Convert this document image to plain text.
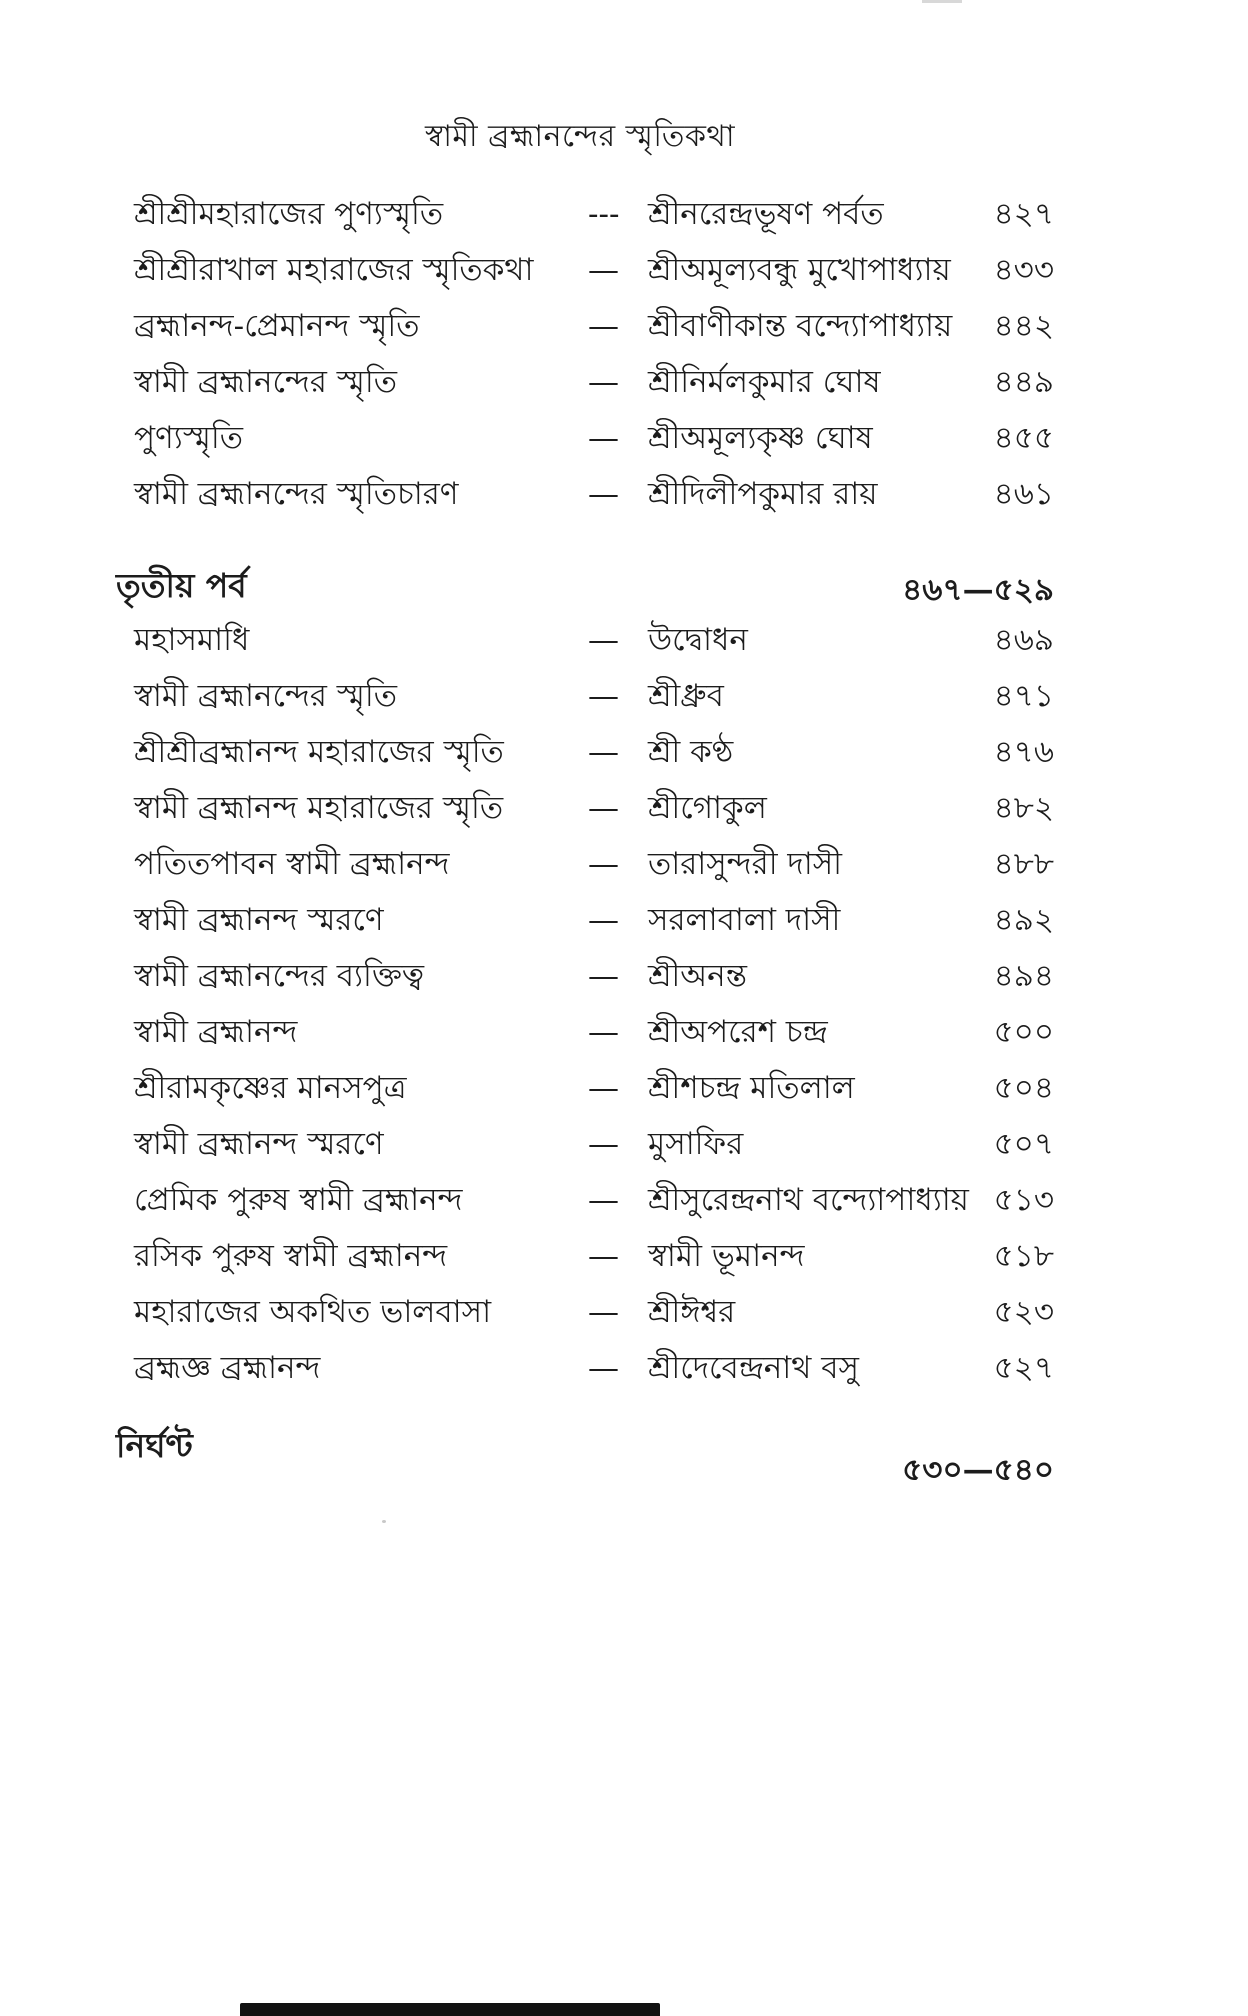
স্বামী ব্রহ্মানন্দের স্মৃতিকথা
শ্রীশ্রীমহারাজের পুণ্যস্মৃতি	--- শ্রীনরেন্দ্রভূষণ পর্বত	৪২৭
শ্রীশ্রীরাখাল মহারাজের স্মৃতিকথা — শ্রীঅমূল্যবন্ধু মুখোপাধ্যায় ৪৩৩
ব্রহ্মানন্দ-প্রেমানন্দ স্মৃতি	— শ্রীবাণীকান্ত বন্দ্যোপাধ্যায় ৪৪২
স্বামী ব্রহ্মানন্দের স্মৃতি	— শ্রীনির্মলকুমার ঘোষ	৪৪৯
পুণ্যস্মৃতি	— শ্রীঅমূল্যকৃষ্ণ ঘোষ	৪৫৫
স্বামী ব্রহ্মানন্দের স্মৃতিচারণ	— শ্রীদিলীপকুমার রায়	৪৬১
তৃতীয় পর্ব	৪৬৭—৫২৯
মহাসমাধি	— উদ্বোধন	৪৬৯
স্বামী ব্রহ্মানন্দের স্মৃতি	— শ্রীধ্রুব	৪৭১
শ্রীশ্রীব্রহ্মানন্দ মহারাজের স্মৃতি	— শ্রী কণ্ঠ	৪৭৬
স্বামী ব্রহ্মানন্দ মহারাজের স্মৃতি	— শ্রীগোকুল	৪৮২
পতিতপাবন স্বামী ব্রহ্মানন্দ	— তারাসুন্দরী দাসী	৪৮৮
স্বামী ব্রহ্মানন্দ স্মরণে	— সরলাবালা দাসী	৪৯২
স্বামী ব্রহ্মানন্দের ব্যক্তিত্ব	— শ্রীঅনন্ত	৪৯৪
স্বামী ব্রহ্মানন্দ	— শ্রীঅপরেশ চন্দ্র	৫০০
শ্রীরামকৃষ্ণের মানসপুত্র	— শ্রীশচন্দ্র মতিলাল	৫০৪
স্বামী ব্রহ্মানন্দ স্মরণে	— মুসাফির	৫০৭
প্রেমিক পুরুষ স্বামী ব্রহ্মানন্দ	— শ্রীসুরেন্দ্রনাথ বন্দ্যোপাধ্যায় ৫১৩
রসিক পুরুষ স্বামী ব্রহ্মানন্দ	— স্বামী ভূমানন্দ	৫১৮
মহারাজের অকথিত ভালবাসা	— শ্রীঈশ্বর	৫২৩
ব্রহ্মজ্ঞ ব্রহ্মানন্দ	— শ্রীদেবেন্দ্রনাথ বসু	৫২৭
নির্ঘণ্ট
৫৩০—৫৪০
